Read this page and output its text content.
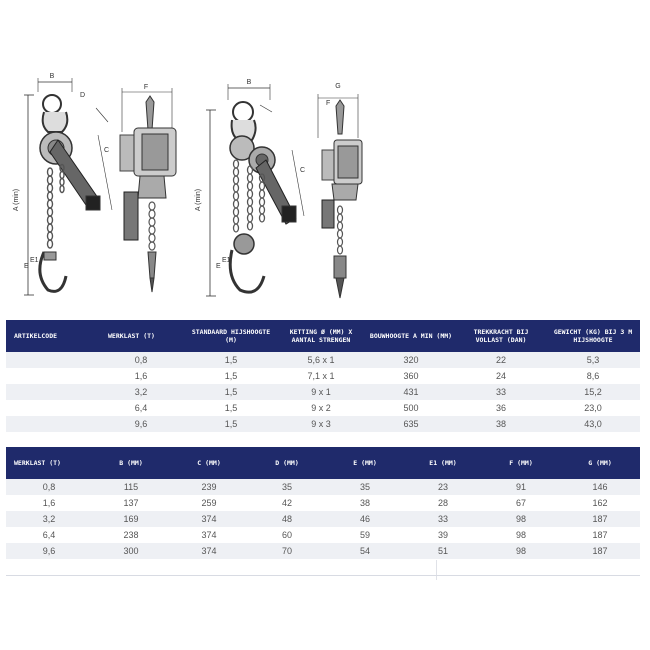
B
D
F
C
A (min)
E
E1
B
G
F
C
A (min)
E
E1
ARTIKELCODE	WERKLAST (T)	STANDAARD HIJSHOOGTE (M)	KETTING Ø (MM) X AANTAL STRENGEN	BOUWHOOGTE A MIN (MM)	TREKKRACHT BIJ VOLLAST (DAN)	GEWICHT (KG) BIJ 3 M HIJSHOOGTE
	0,8	1,5	5,6 x 1	320	22	5,3
	1,6	1,5	7,1 x 1	360	24	8,6
	3,2	1,5	9 x 1	431	33	15,2
	6,4	1,5	9 x 2	500	36	23,0
	9,6	1,5	9 x 3	635	38	43,0
WERKLAST (T)	B (MM)	C (MM)	D (MM)	E (MM)	E1 (MM)	F (MM)	G (MM)
0,8	115	239	35	35	23	91	146
1,6	137	259	42	38	28	67	162
3,2	169	374	48	46	33	98	187
6,4	238	374	60	59	39	98	187
9,6	300	374	70	54	51	98	187
